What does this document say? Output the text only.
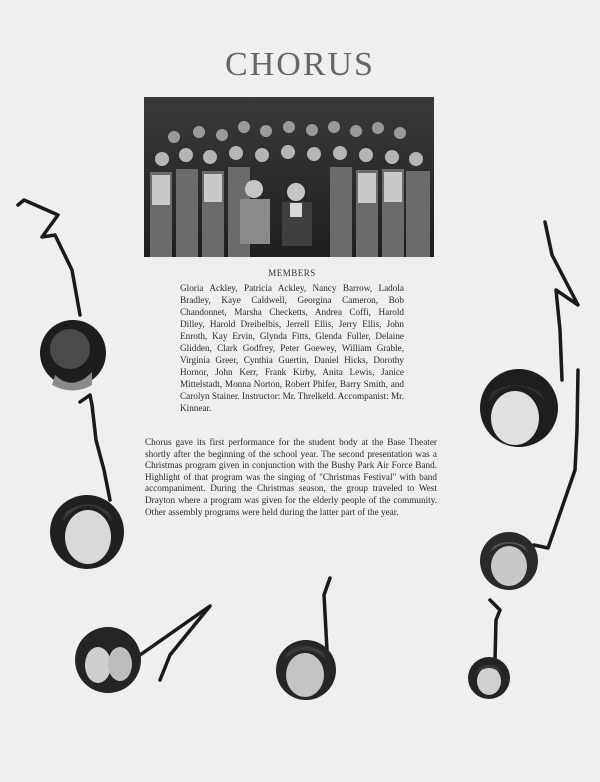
CHORUS
MEMBERS
Gloria Ackley, Patricia Ackley, Nancy Barrow, Ladola Bradley, Kaye Caldwell, Georgina Cameron, Bob Chandonnet, Marsha Checketts, Andrea Coffi, Harold Dilley, Harold Dreibelbis, Jerrell Ellis, Jerry Ellis, John Enroth, Kay Ervin, Glynda Fitts, Glenda Fuller, Delaine Glidden, Clark Godfrey, Peter Goewey, William Grable, Virginia Greer, Cynthia Guertin, Daniel Hicks, Dorothy Hornor, John Kerr, Frank Kirby, Anita Lewis, Janice Mittelstadt, Monna Norton, Robert Phifer, Barry Smith, and Carolyn Stainer. Instructor: Mr. Threlkeld. Accompanist: Mr. Kinnear.
Chorus gave its first performance for the student body at the Base Theater shortly after the beginning of the school year. The second presentation was a Christmas program given in conjunction with the Bushy Park Air Force Band. Highlight of that program was the singing of "Christmas Festival" with band accompaniment. During the Christmas season, the group traveled to West Drayton where a program was given for the elderly people of the community. Other assembly programs were held during the latter part of the year.
